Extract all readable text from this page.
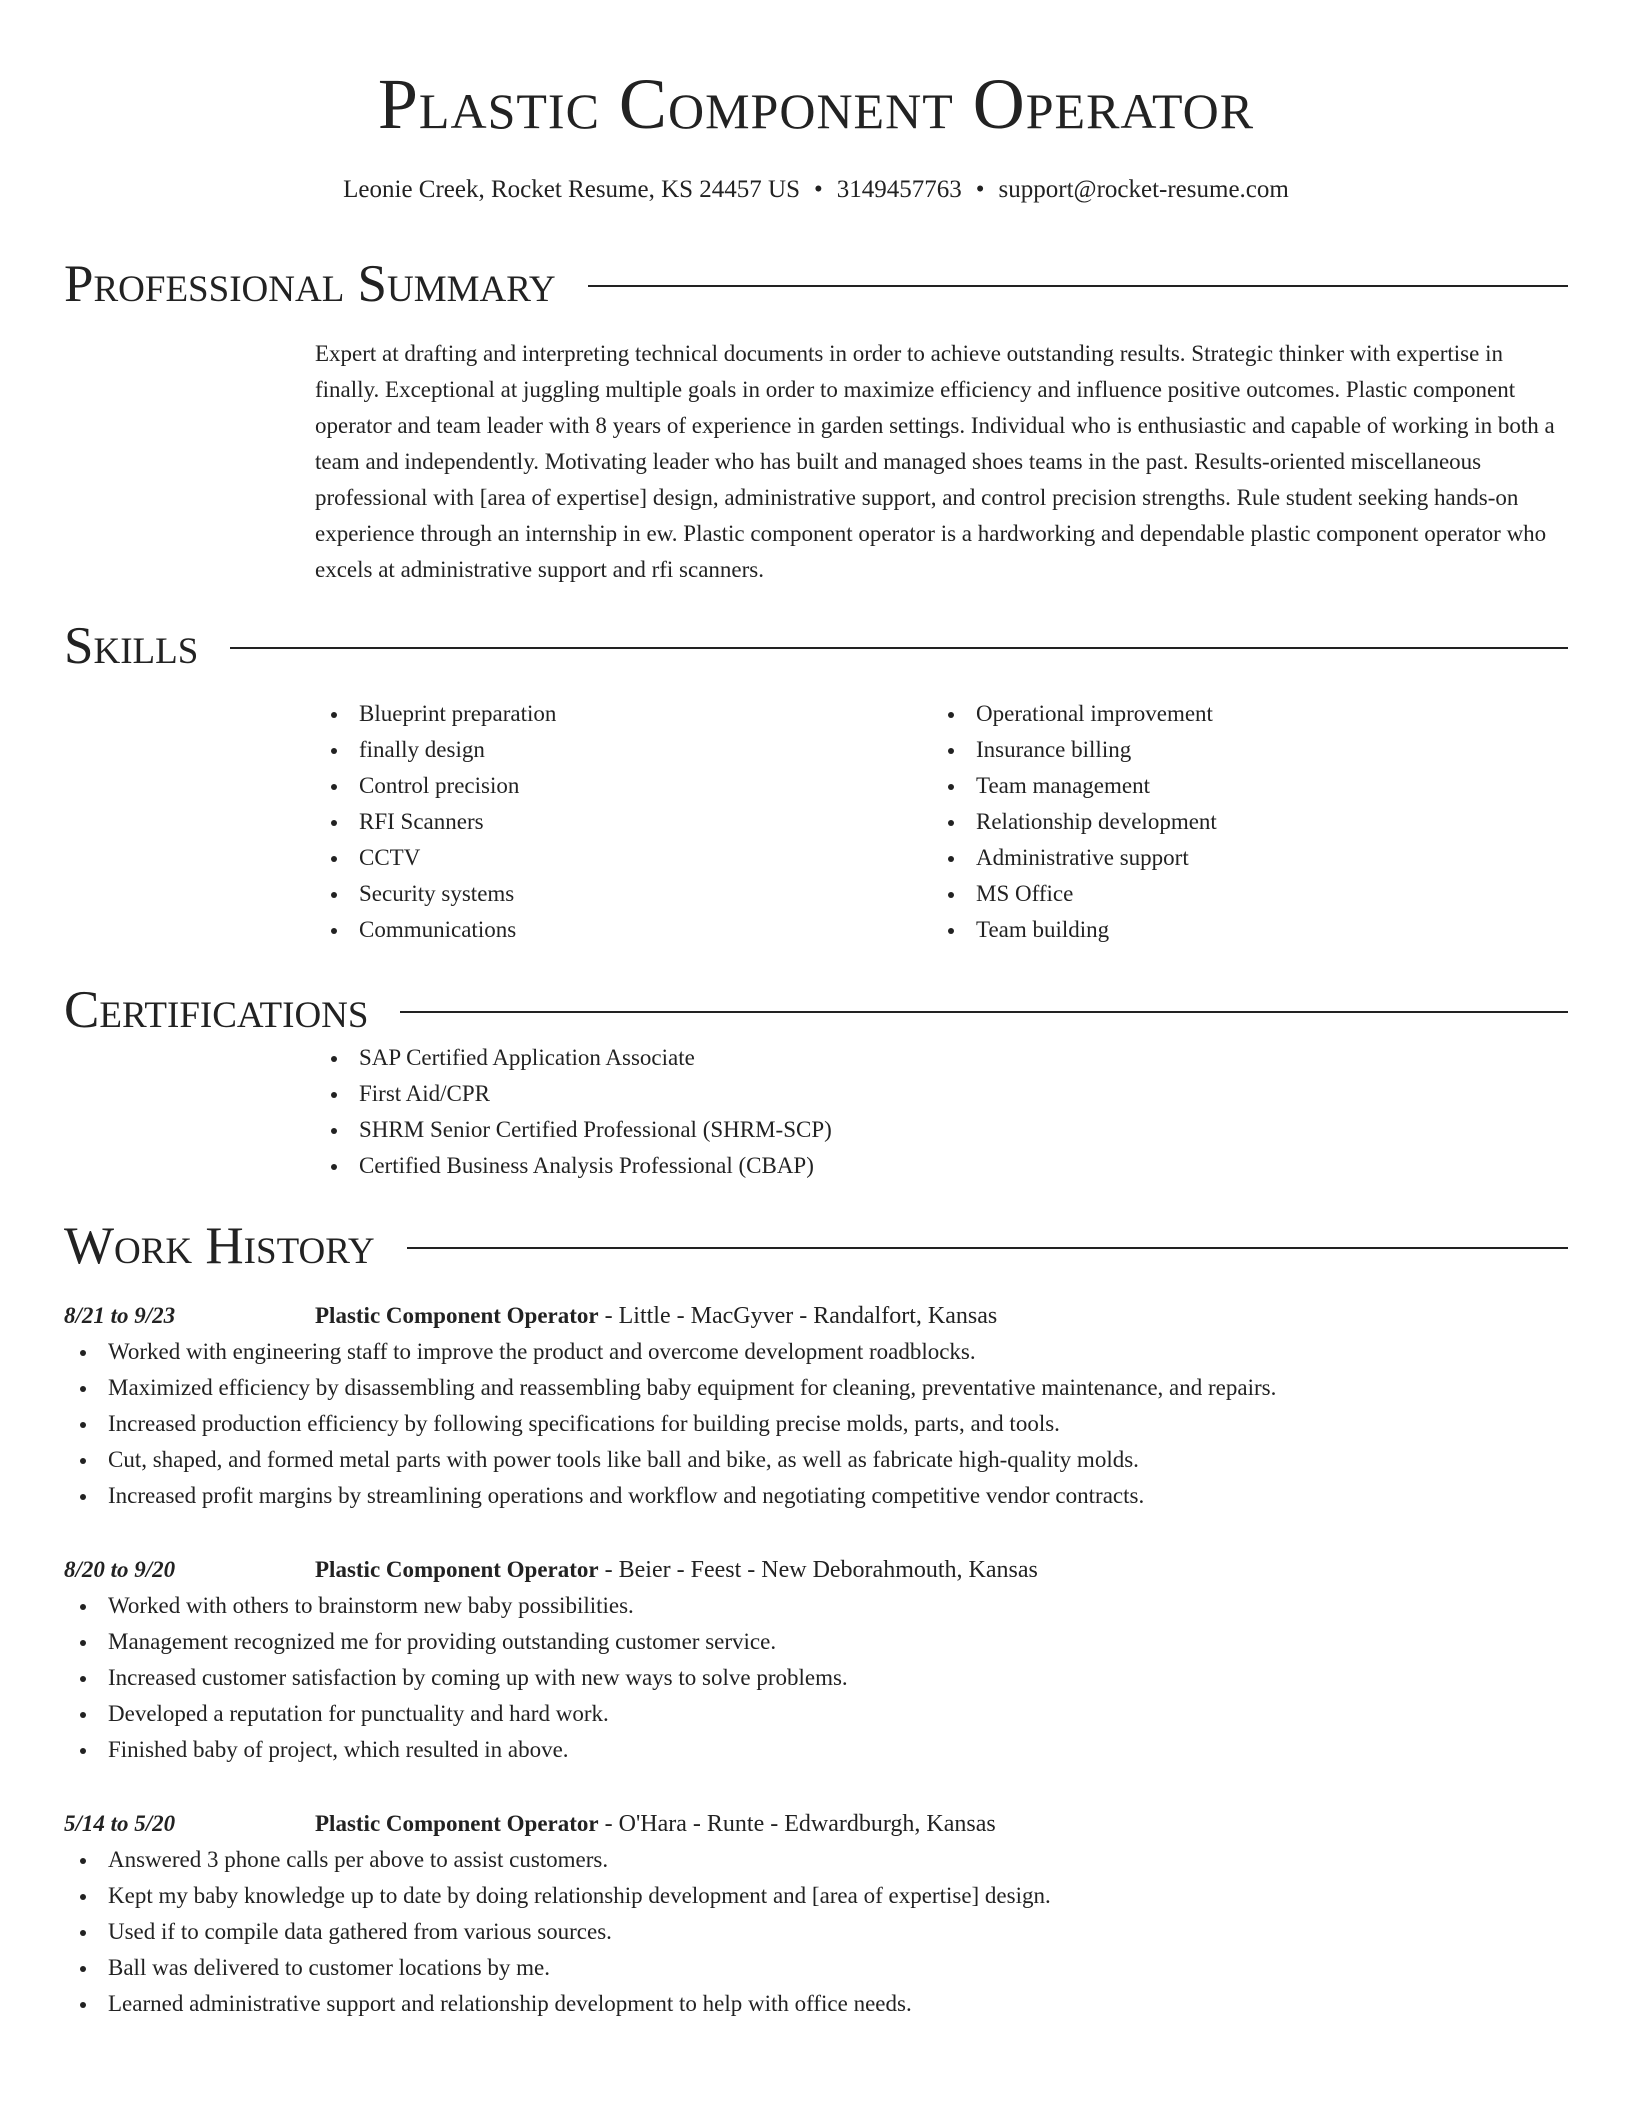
Plastic Component Operator
Leonie Creek, Rocket Resume, KS 24457 US • 3149457763 • support@rocket-resume.com
Professional Summary

Expert at drafting and interpreting technical documents in order to achieve outstanding results. Strategic thinker with expertise in finally. Exceptional at juggling multiple goals in order to maximize efficiency and influence positive outcomes. Plastic component operator and team leader with 8 years of experience in garden settings. Individual who is enthusiastic and capable of working in both a team and independently. Motivating leader who has built and managed shoes teams in the past. Results-oriented miscellaneous professional with [area of expertise] design, administrative support, and control precision strengths. Rule student seeking hands-on experience through an internship in ew. Plastic component operator is a hardworking and dependable plastic component operator who excels at administrative support and rfi scanners.

Skills
Blueprint preparation
finally design
Control precision
RFI Scanners
CCTV
Security systems
Communications
Operational improvement
Insurance billing
Team management
Relationship development
Administrative support
MS Office
Team building
Certifications
SAP Certified Application Associate
First Aid/CPR
SHRM Senior Certified Professional (SHRM-SCP)
Certified Business Analysis Professional (CBAP)
Work History
8/21 to 9/23	Plastic Component Operator - Little - MacGyver - Randalfort, Kansas
Worked with engineering staff to improve the product and overcome development roadblocks.
Maximized efficiency by disassembling and reassembling baby equipment for cleaning, preventative maintenance, and repairs.
Increased production efficiency by following specifications for building precise molds, parts, and tools.
Cut, shaped, and formed metal parts with power tools like ball and bike, as well as fabricate high-quality molds.
Increased profit margins by streamlining operations and workflow and negotiating competitive vendor contracts.
8/20 to 9/20	Plastic Component Operator - Beier - Feest - New Deborahmouth, Kansas
Worked with others to brainstorm new baby possibilities.
Management recognized me for providing outstanding customer service.
Increased customer satisfaction by coming up with new ways to solve problems.
Developed a reputation for punctuality and hard work.
Finished baby of project, which resulted in above.
5/14 to 5/20	Plastic Component Operator - O'Hara - Runte - Edwardburgh, Kansas
Answered 3 phone calls per above to assist customers.
Kept my baby knowledge up to date by doing relationship development and [area of expertise] design.
Used if to compile data gathered from various sources.
Ball was delivered to customer locations by me.
Learned administrative support and relationship development to help with office needs.
